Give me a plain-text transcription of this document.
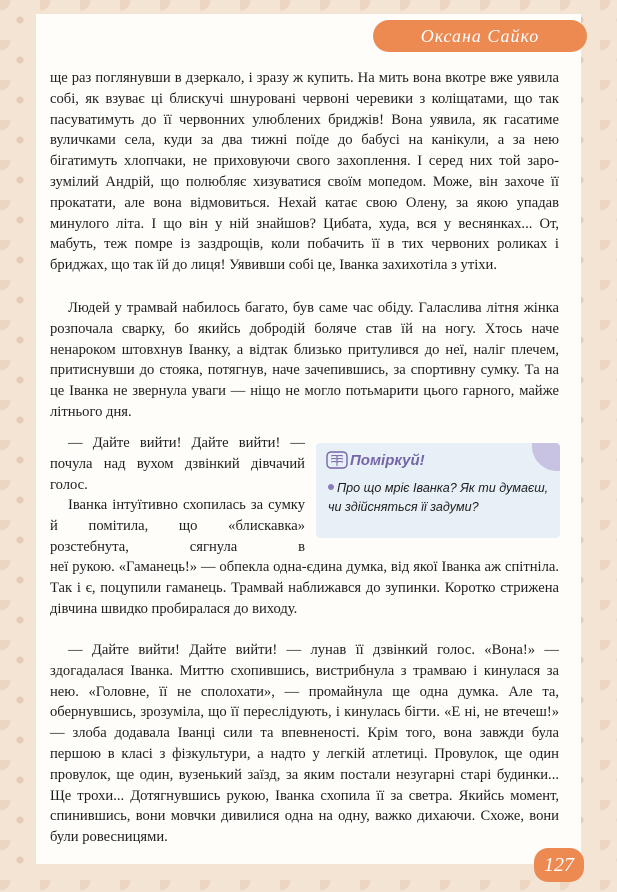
Оксана Сайко

ще раз поглянувши в дзеркало, і зразу ж купить. На мить вона вкотре вже уявила собі, як взуває ці блискучі шнуровані червоні черевики з коліщатами, що так пасуватимуть до її червонних улюблених бриджів! Вона уявила, як гасатиме вуличками села, куди за два тижні поїде до бабусі на канікули, а за нею бігатимуть хлопчаки, не приховуючи свого захоплення. І серед них той зарозумілий Андрій, що полюбляє хизуватися своїм мопедом. Може, він захоче її прокатати, але вона відмовиться. Нехай катає свою Олену, за якою упадав минулого літа. І що він у ній знайшов? Цибата, худа, вся у веснянках... От, мабуть, теж помре із заздрощів, коли побачить її в тих червоних роликах і бриджах, що так їй до лиця! Уявивши собі це, Іванка захихотіла з утіхи.

Людей у трамвай набилось багато, був саме час обіду. Галаслива літня жінка розпочала сварку, бо якийсь добродій боляче став їй на ногу. Хтось наче ненароком штовхнув Іванку, а відтак близько притулився до неї, наліг плечем, притиснувши до стояка, потягнув, наче зачепившись, за спортивну сумку. Та на це Іванка не звернула уваги — ніщо не могло потьмарити цього гарного, майже літнього дня.

— Дайте вийти! Дайте вийти! — почула над вухом дзвінкий дівчачий голос.

Іванка інтуїтивно схопилась за сумку й помітила, що «блискавка» розстебнута, сягнула в

неї рукою. «Гаманець!» — обпекла одна-єдина думка, від якої Іванка аж спітніла. Так і є, поцупили гаманець. Трамвай наближався до зупинки. Коротко стрижена дівчина швидко пробиралася до виходу.

— Дайте вийти! Дайте вийти! — лунав її дзвінкий голос. «Вона!» — здогадалася Іванка. Миттю схопившись, вистрибнула з трамваю і кинулася за нею. «Головне, її не сполохати», — промайнула ще одна думка. Але та, обернувшись, зрозуміла, що її переслідують, і кинулась бігти. «Е ні, не втечеш!» — злоба додавала Іванці сили та впевненості. Крім того, вона завжди була першою в класі з фізкультури, а надто у легкій атлетиці. Провулок, ще один провулок, ще один, вузенький заїзд, за яким постали незугарні старі будинки... Ще трохи... Дотягнувшись рукою, Іванка схопила її за светра. Якийсь момент, спинившись, вони мовчки дивилися одна на одну, важко дихаючи. Схоже, вони були ровесницями.

Поміркуй!

Про що мріє Іванка? Як ти думаєш, чи здійсняться її задуми?

127
